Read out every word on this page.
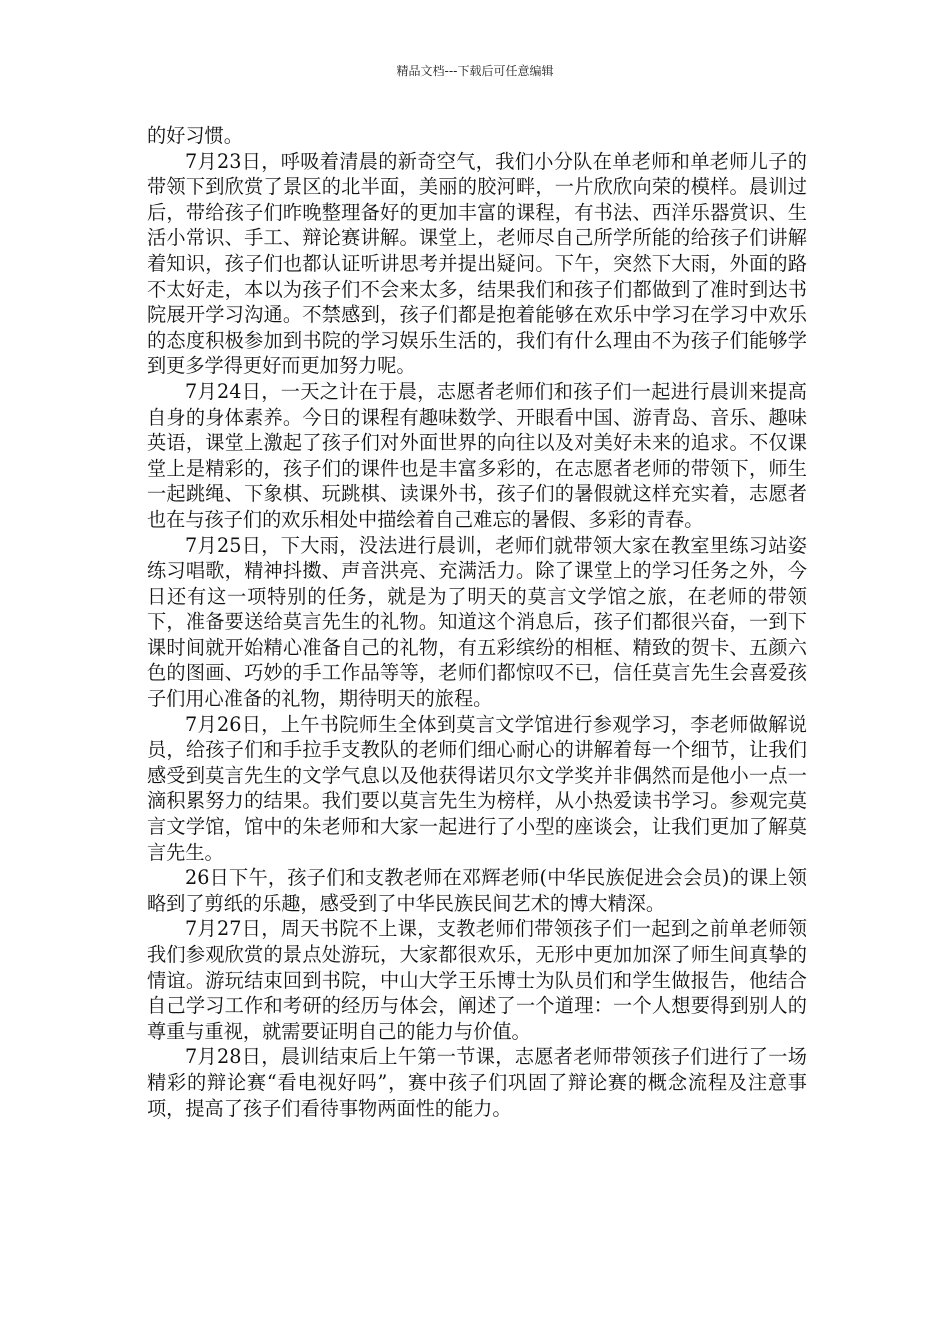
精品文档---下载后可任意编辑

的好习惯。

7月23日，呼吸着清晨的新奇空气，我们小分队在单老师和单老师儿子的带领下到欣赏了景区的北半面，美丽的胶河畔，一片欣欣向荣的模样。晨训过后，带给孩子们昨晚整理备好的更加丰富的课程，有书法、西洋乐器赏识、生活小常识、手工、辩论赛讲解。课堂上，老师尽自己所学所能的给孩子们讲解着知识，孩子们也都认证听讲思考并提出疑问。下午，突然下大雨，外面的路不太好走，本以为孩子们不会来太多，结果我们和孩子们都做到了准时到达书院展开学习沟通。不禁感到，孩子们都是抱着能够在欢乐中学习在学习中欢乐的态度积极参加到书院的学习娱乐生活的，我们有什么理由不为孩子们能够学到更多学得更好而更加努力呢。

7月24日，一天之计在于晨，志愿者老师们和孩子们一起进行晨训来提高自身的身体素养。今日的课程有趣味数学、开眼看中国、游青岛、音乐、趣味英语，课堂上激起了孩子们对外面世界的向往以及对美好未来的追求。不仅课堂上是精彩的，孩子们的课件也是丰富多彩的，在志愿者老师的带领下，师生一起跳绳、下象棋、玩跳棋、读课外书，孩子们的暑假就这样充实着，志愿者也在与孩子们的欢乐相处中描绘着自己难忘的暑假、多彩的青春。

7月25日，下大雨，没法进行晨训，老师们就带领大家在教室里练习站姿练习唱歌，精神抖擞、声音洪亮、充满活力。除了课堂上的学习任务之外，今日还有这一项特别的任务，就是为了明天的莫言文学馆之旅，在老师的带领下，准备要送给莫言先生的礼物。知道这个消息后，孩子们都很兴奋，一到下课时间就开始精心准备自己的礼物，有五彩缤纷的相框、精致的贺卡、五颜六色的图画、巧妙的手工作品等等，老师们都惊叹不已，信任莫言先生会喜爱孩子们用心准备的礼物，期待明天的旅程。

7月26日，上午书院师生全体到莫言文学馆进行参观学习，李老师做解说员，给孩子们和手拉手支教队的老师们细心耐心的讲解着每一个细节，让我们感受到莫言先生的文学气息以及他获得诺贝尔文学奖并非偶然而是他小一点一滴积累努力的结果。我们要以莫言先生为榜样，从小热爱读书学习。参观完莫言文学馆，馆中的朱老师和大家一起进行了小型的座谈会，让我们更加了解莫言先生。

26日下午，孩子们和支教老师在邓辉老师(中华民族促进会会员)的课上领略到了剪纸的乐趣，感受到了中华民族民间艺术的博大精深。

7月27日，周天书院不上课，支教老师们带领孩子们一起到之前单老师领我们参观欣赏的景点处游玩，大家都很欢乐，无形中更加加深了师生间真挚的情谊。游玩结束回到书院，中山大学王乐博士为队员们和学生做报告，他结合自己学习工作和考研的经历与体会，阐述了一个道理：一个人想要得到别人的尊重与重视，就需要证明自己的能力与价值。

7月28日，晨训结束后上午第一节课，志愿者老师带领孩子们进行了一场精彩的辩论赛“看电视好吗”，赛中孩子们巩固了辩论赛的概念流程及注意事项，提高了孩子们看待事物两面性的能力。
